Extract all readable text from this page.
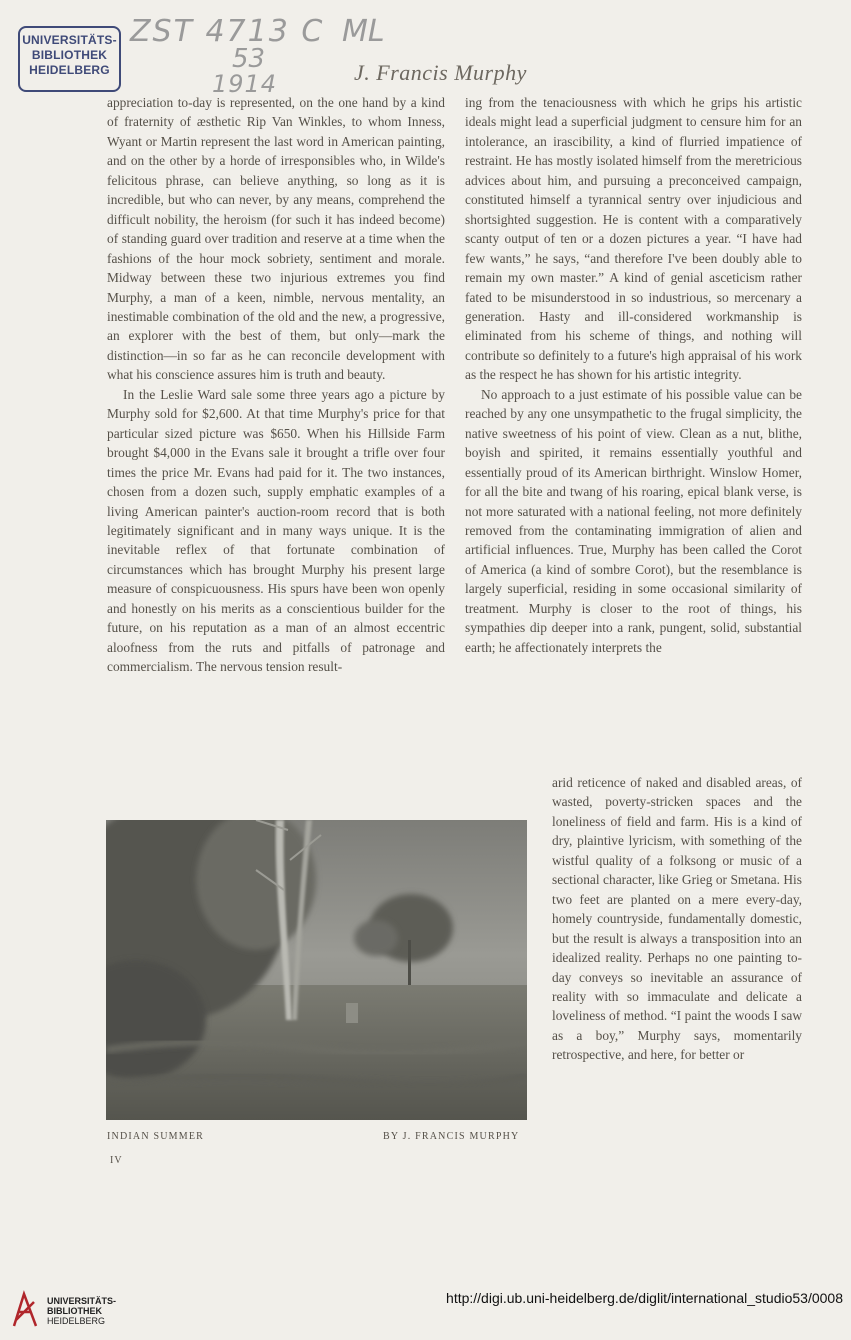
UNIVERSITÄTS-
BIBLIOTHEK
HEIDELBERG
ZST 4713 C ML
53
1914	J. Francis Murphy

appreciation to-day is represented, on the one hand by a kind of fraternity of æsthetic Rip Van Winkles, to whom Inness, Wyant or Martin represent the last word in American painting, and on the other by a horde of irresponsibles who, in Wilde's felicitous phrase, can believe anything, so long as it is incredible, but who can never, by any means, comprehend the difficult nobility, the heroism (for such it has indeed become) of standing guard over tradition and reserve at a time when the fashions of the hour mock sobriety, sentiment and morale. Midway between these two injurious extremes you find Murphy, a man of a keen, nimble, nervous mentality, an inestimable combination of the old and the new, a progressive, an explorer with the best of them, but only—mark the distinction—in so far as he can reconcile development with what his conscience assures him is truth and beauty.

In the Leslie Ward sale some three years ago a picture by Murphy sold for $2,600. At that time Murphy's price for that particular sized picture was $650. When his Hillside Farm brought $4,000 in the Evans sale it brought a trifle over four times the price Mr. Evans had paid for it. The two instances, chosen from a dozen such, supply emphatic examples of a living American painter's auction-room record that is both legitimately significant and in many ways unique. It is the inevitable reflex of that fortunate combination of circumstances which has brought Murphy his present large measure of conspicuousness. His spurs have been won openly and honestly on his merits as a conscientious builder for the future, on his reputation as a man of an almost eccentric aloofness from the ruts and pitfalls of patronage and commercialism. The nervous tension result-

ing from the tenaciousness with which he grips his artistic ideals might lead a superficial judgment to censure him for an intolerance, an irascibility, a kind of flurried impatience of restraint. He has mostly isolated himself from the meretricious advices about him, and pursuing a preconceived campaign, constituted himself a tyrannical sentry over injudicious and shortsighted suggestion. He is content with a comparatively scanty output of ten or a dozen pictures a year. “I have had few wants,” he says, “and therefore I've been doubly able to remain my own master.” A kind of genial asceticism rather fated to be misunderstood in so industrious, so mercenary a generation. Hasty and ill-considered workmanship is eliminated from his scheme of things, and nothing will contribute so definitely to a future's high appraisal of his work as the respect he has shown for his artistic integrity.

No approach to a just estimate of his possible value can be reached by any one unsympathetic to the frugal simplicity, the native sweetness of his point of view. Clean as a nut, blithe, boyish and spirited, it remains essentially youthful and essentially proud of its American birthright. Winslow Homer, for all the bite and twang of his roaring, epical blank verse, is not more saturated with a national feeling, not more definitely removed from the contaminating immigration of alien and artificial influences. True, Murphy has been called the Corot of America (a kind of sombre Corot), but the resemblance is largely superficial, residing in some occasional similarity of treatment. Murphy is closer to the root of things, his sympathies dip deeper into a rank, pungent, solid, substantial earth; he affectionately interprets the

arid reticence of naked and disabled areas, of wasted, poverty-stricken spaces and the loneliness of field and farm. His is a kind of dry, plaintive lyricism, with something of the wistful quality of a folksong or music of a sectional character, like Grieg or Smetana. His two feet are planted on a mere every-day, homely countryside, fundamentally domestic, but the result is always a transposition into an idealized reality. Perhaps no one painting to-day conveys so inevitable an assurance of reality with so immaculate and delicate a loveliness of method. “I paint the woods I saw as a boy,” Murphy says, momentarily retrospective, and here, for better or

INDIAN SUMMER	BY J. FRANCIS MURPHY
IV
UNIVERSITÄTS-
BIBLIOTHEK
HEIDELBERG
http://digi.ub.uni-heidelberg.de/diglit/international_studio53/0008
